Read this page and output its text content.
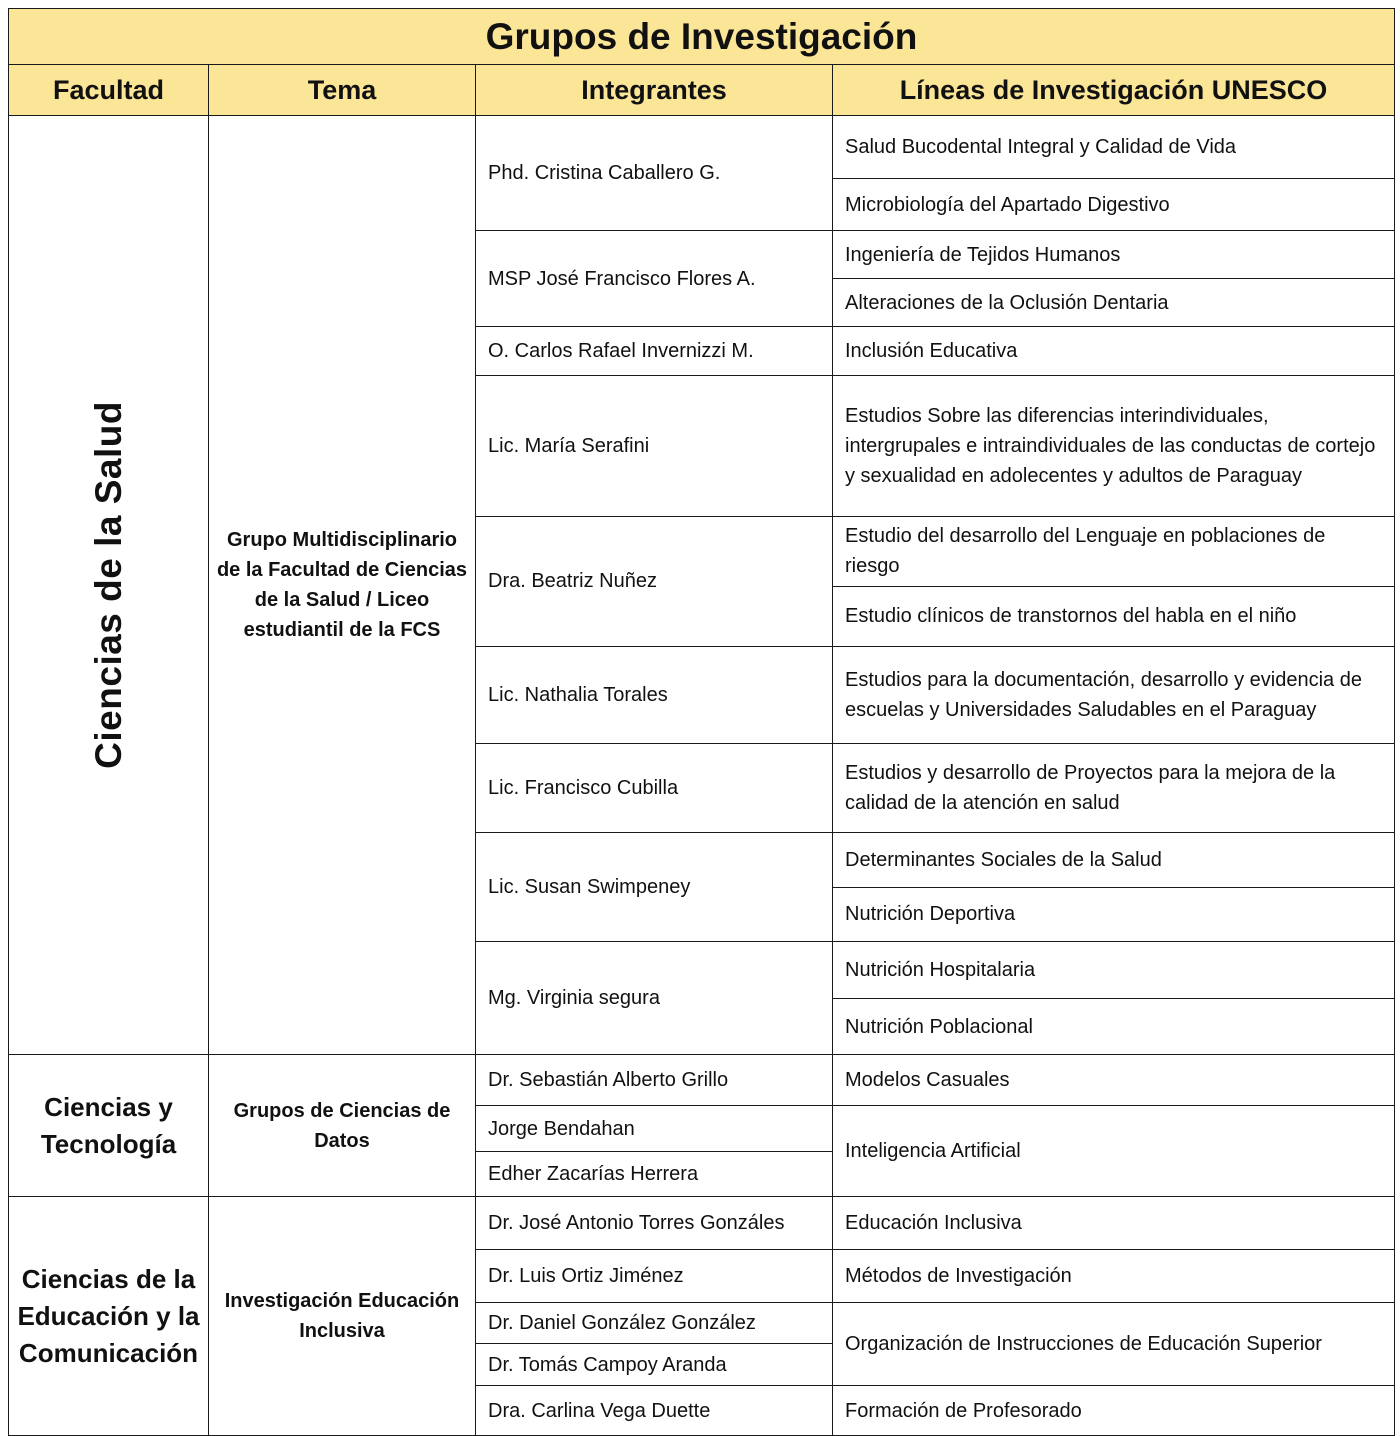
Grupos de Investigación			
Facultad	Tema	Integrantes	Líneas de Investigación UNESCO

Ciencias de la Salud	Grupo Multidisciplinario de la Facultad de Ciencias de la Salud / Liceo estudiantil de la FCS	Phd. Cristina Caballero G.	Salud Bucodental Integral y Calidad de Vida
			Microbiología del Apartado Digestivo
		MSP José Francisco Flores A.	Ingeniería de Tejidos Humanos
			Alteraciones de la Oclusión Dentaria
		O. Carlos Rafael Invernizzi M.	Inclusión Educativa
		Lic. María Serafini	Estudios Sobre las diferencias interindividuales, intergrupales e intraindividuales de las conductas de cortejo y sexualidad en adolecentes y adultos de Paraguay
		Dra. Beatriz Nuñez	Estudio del desarrollo del Lenguaje en poblaciones de riesgo
			Estudio clínicos de transtornos del habla en el niño
		Lic. Nathalia Torales	Estudios para la documentación, desarrollo y evidencia de escuelas y Universidades Saludables en el Paraguay
		Lic. Francisco Cubilla	Estudios y desarrollo de Proyectos para la mejora de la calidad de la atención en salud
		Lic. Susan Swimpeney	Determinantes Sociales de la Salud
			Nutrición Deportiva
		Mg. Virginia segura	Nutrición Hospitalaria
			Nutrición Poblacional
Ciencias y Tecnología	Grupos de Ciencias de Datos	Dr. Sebastián Alberto Grillo	Modelos Casuales
		Jorge Bendahan	Inteligencia Artificial
		Edher Zacarías Herrera	
Ciencias de la Educación y la Comunicación	Investigación Educación Inclusiva	Dr. José Antonio Torres Gonzáles	Educación Inclusiva
		Dr. Luis Ortiz Jiménez	Métodos de Investigación
		Dr. Daniel González González	Organización de Instrucciones de Educación Superior
		Dr. Tomás Campoy Aranda	
		Dra. Carlina Vega Duette	Formación de Profesorado
